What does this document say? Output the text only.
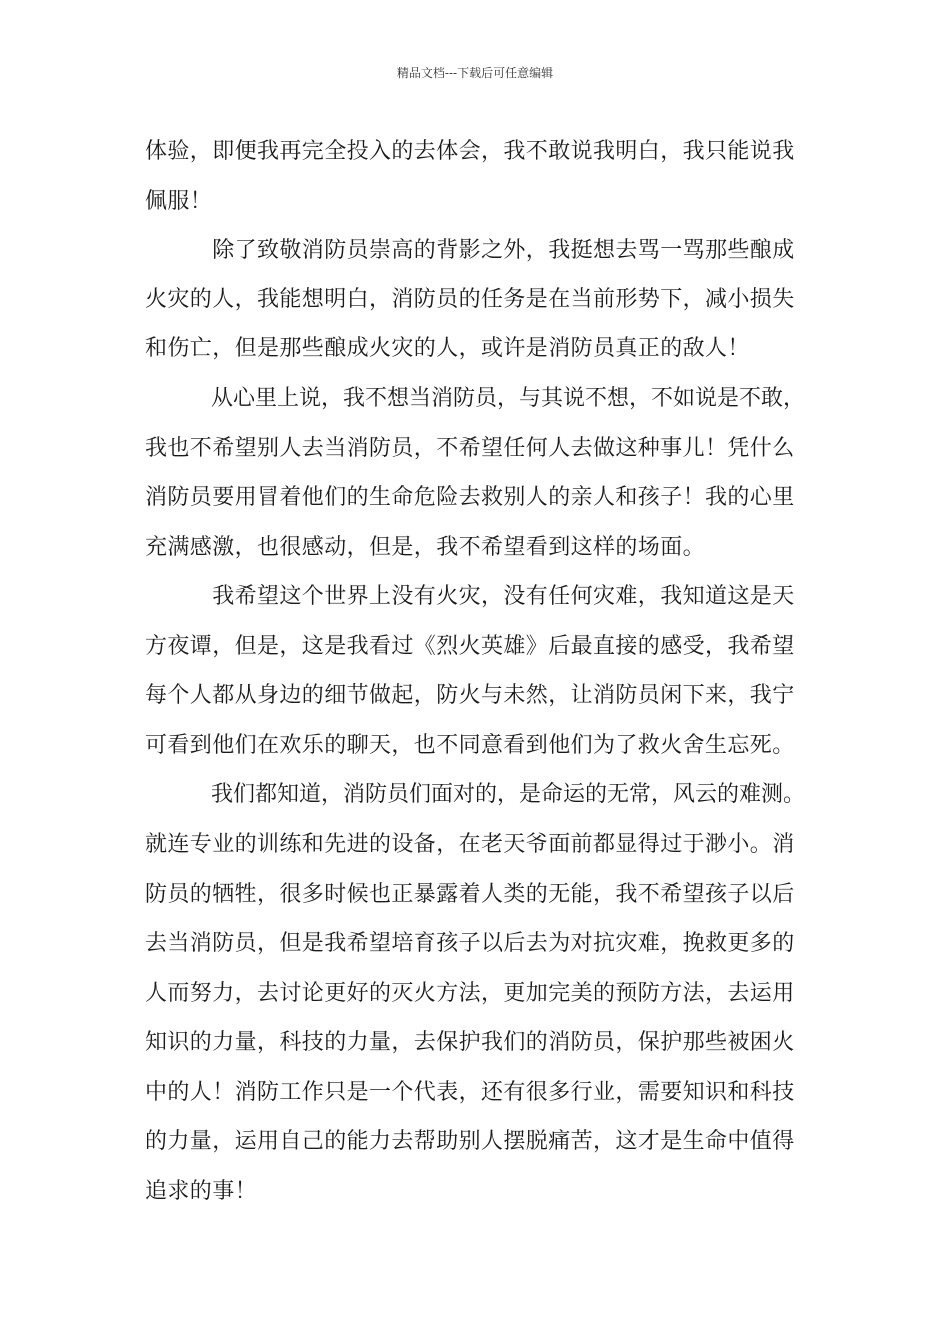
精品文档---下载后可任意编辑
体验，即便我再完全投入的去体会，我不敢说我明白，我只能说我
佩服！
　　　除了致敬消防员崇高的背影之外，我挺想去骂一骂那些酿成
火灾的人，我能想明白，消防员的任务是在当前形势下，减小损失
和伤亡，但是那些酿成火灾的人，或许是消防员真正的敌人！
　　　从心里上说，我不想当消防员，与其说不想，不如说是不敢，
我也不希望别人去当消防员，不希望任何人去做这种事儿！凭什么
消防员要用冒着他们的生命危险去救别人的亲人和孩子！我的心里
充满感激，也很感动，但是，我不希望看到这样的场面。
　　　我希望这个世界上没有火灾，没有任何灾难，我知道这是天
方夜谭，但是，这是我看过《烈火英雄》后最直接的感受，我希望
每个人都从身边的细节做起，防火与未然，让消防员闲下来，我宁
可看到他们在欢乐的聊天，也不同意看到他们为了救火舍生忘死。
　　　我们都知道，消防员们面对的，是命运的无常，风云的难测。
就连专业的训练和先进的设备，在老天爷面前都显得过于渺小。消
防员的牺牲，很多时候也正暴露着人类的无能，我不希望孩子以后
去当消防员，但是我希望培育孩子以后去为对抗灾难，挽救更多的
人而努力，去讨论更好的灭火方法，更加完美的预防方法，去运用
知识的力量，科技的力量，去保护我们的消防员，保护那些被困火
中的人！消防工作只是一个代表，还有很多行业，需要知识和科技
的力量，运用自己的能力去帮助别人摆脱痛苦，这才是生命中值得
追求的事！
